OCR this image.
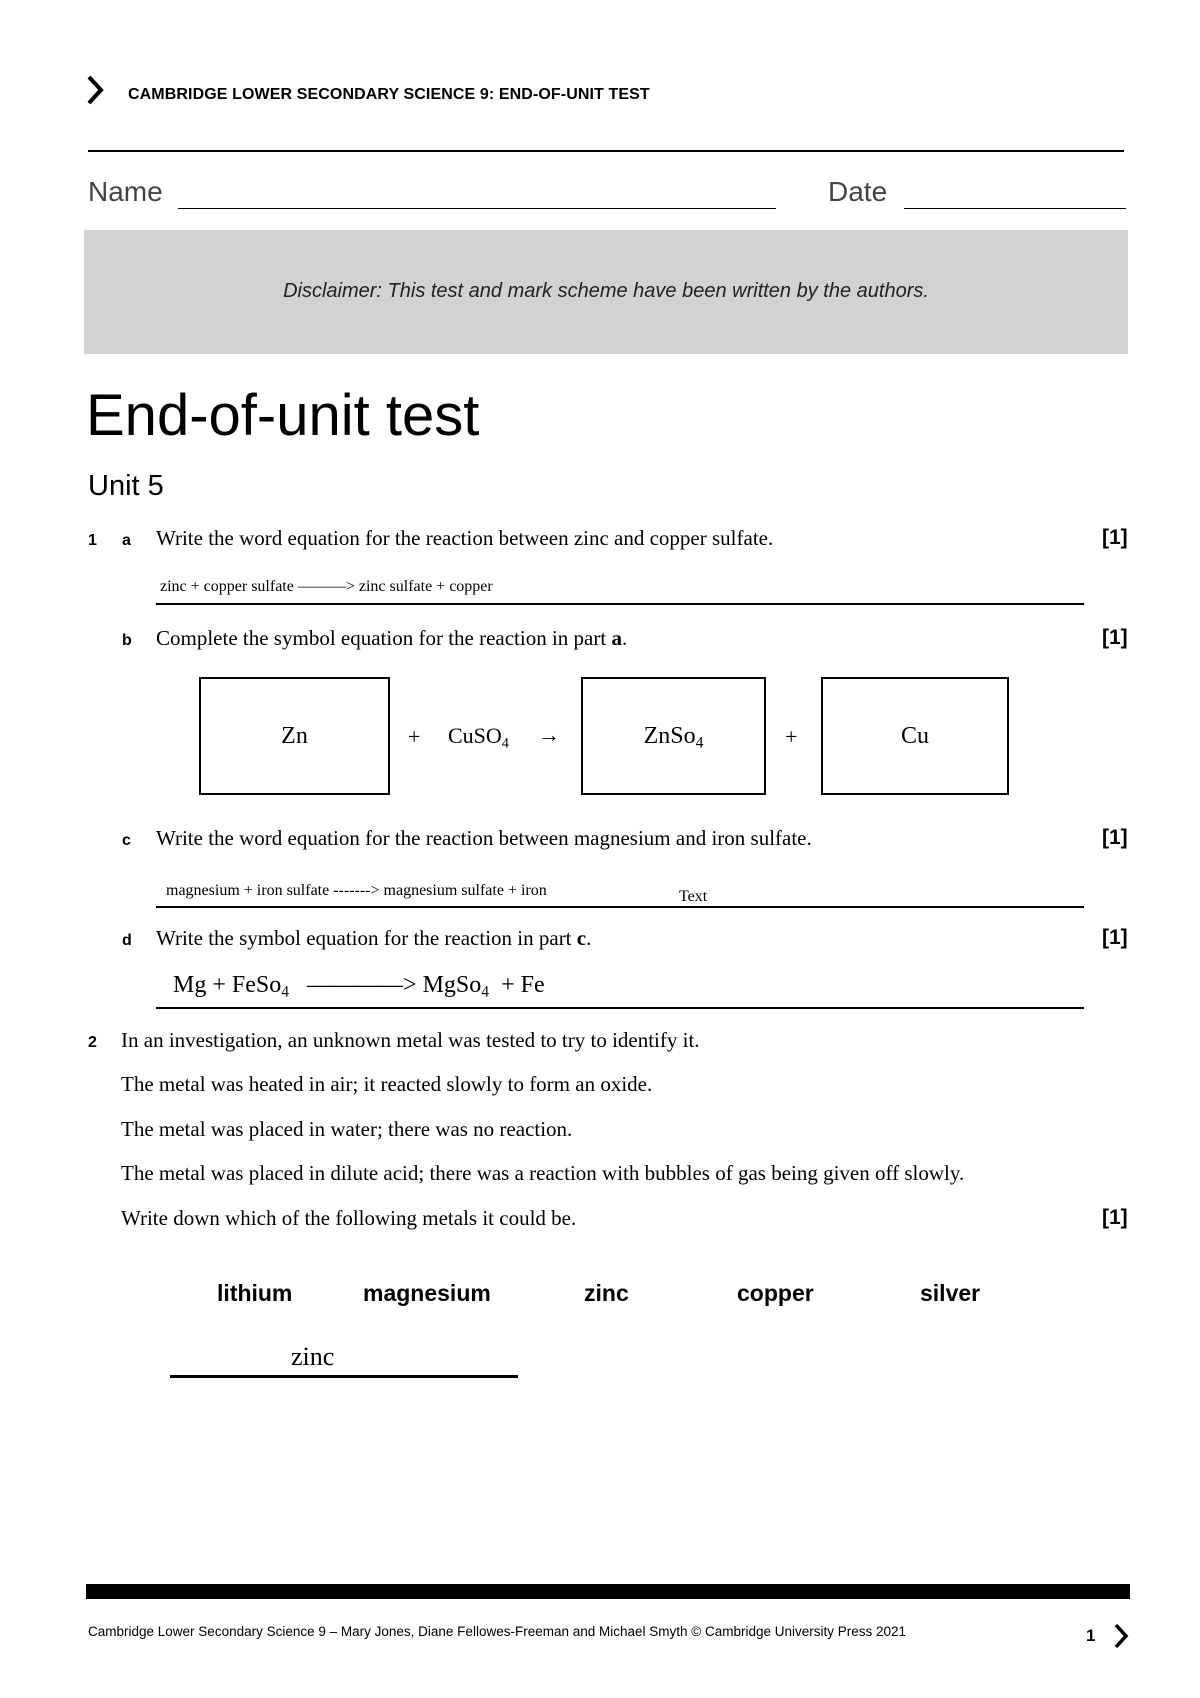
CAMBRIDGE LOWER SECONDARY SCIENCE 9: END-OF-UNIT TEST
Name	Date
Disclaimer: This test and mark scheme have been written by the authors.
End-of-unit test
Unit 5
1 a Write the word equation for the reaction between zinc and copper sulfate.	[1]
zinc + copper sulfate ———> zinc sulfate + copper
b Complete the symbol equation for the reaction in part a.	[1]
Zn	+ CuSO$_4$ →	ZnSo$_4$	+	Cu
c Write the word equation for the reaction between magnesium and iron sulfate.	[1]
magnesium + iron sulfate -------> magnesium sulfate + iron	Text
d Write the symbol equation for the reaction in part c.	[1]
Mg + FeSo$_4$ ————> MgSo$_4$ + Fe
2 In an investigation, an unknown metal was tested to try to identify it.
The metal was heated in air; it reacted slowly to form an oxide.
The metal was placed in water; there was no reaction.
The metal was placed in dilute acid; there was a reaction with bubbles of gas being given off slowly.
Write down which of the following metals it could be.	[1]
lithium	magnesium	zinc	copper	silver
zinc
Cambridge Lower Secondary Science 9 – Mary Jones, Diane Fellowes-Freeman and Michael Smyth © Cambridge University Press 2021	1
